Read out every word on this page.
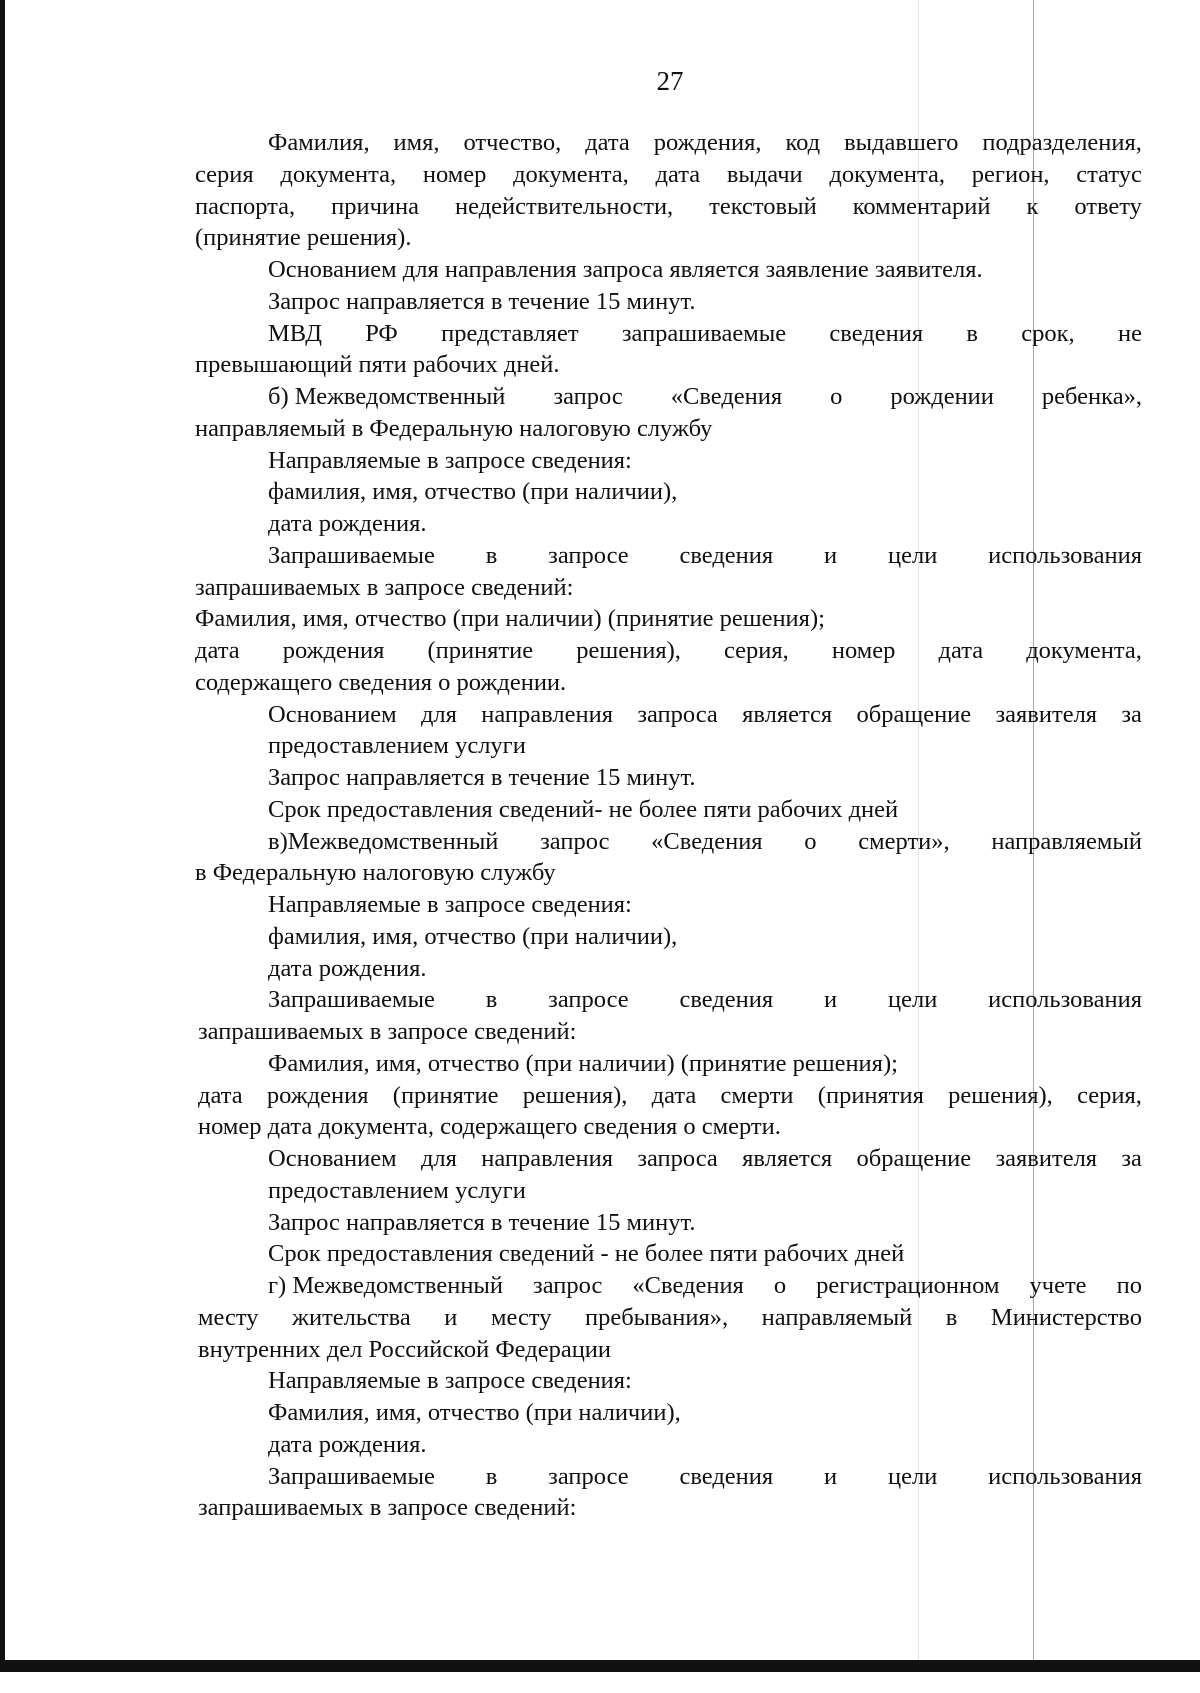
27
Фамилия, имя, отчество, дата рождения, код выдавшего подразделения,
серия документа, номер документа, дата выдачи документа, регион, статус
паспорта, причина недействительности, текстовый комментарий к ответу
(принятие решения).
Основанием для направления запроса является заявление заявителя.
Запрос направляется в течение 15 минут.
МВД РФ представляет запрашиваемые сведения в срок, не
превышающий пяти рабочих дней.
б) Межведомственный запрос «Сведения о рождении ребенка»,
направляемый в Федеральную налоговую службу
Направляемые в запросе сведения:
фамилия, имя, отчество (при наличии),
дата рождения.
Запрашиваемые в запросе сведения и цели использования
запрашиваемых в запросе сведений:
Фамилия, имя, отчество (при наличии) (принятие решения);
дата рождения (принятие решения), серия, номер дата документа,
содержащего сведения о рождении.
Основанием для направления запроса является обращение заявителя за
предоставлением услуги
Запрос направляется в течение 15 минут.
Срок предоставления сведений- не более пяти рабочих дней
в)Межведомственный запрос «Сведения о смерти», направляемый
в Федеральную налоговую службу
Направляемые в запросе сведения:
фамилия, имя, отчество (при наличии),
дата рождения.
Запрашиваемые в запросе сведения и цели использования
запрашиваемых в запросе сведений:
Фамилия, имя, отчество (при наличии) (принятие решения);
дата рождения (принятие решения), дата смерти (принятия решения), серия,
номер дата документа, содержащего сведения о смерти.
Основанием для направления запроса является обращение заявителя за
предоставлением услуги
Запрос направляется в течение 15 минут.
Срок предоставления сведений - не более пяти рабочих дней
г) Межведомственный запрос «Сведения о регистрационном учете по
месту жительства и месту пребывания», направляемый в Министерство
внутренних дел Российской Федерации
Направляемые в запросе сведения:
Фамилия, имя, отчество (при наличии),
дата рождения.
Запрашиваемые в запросе сведения и цели использования
запрашиваемых в запросе сведений:
